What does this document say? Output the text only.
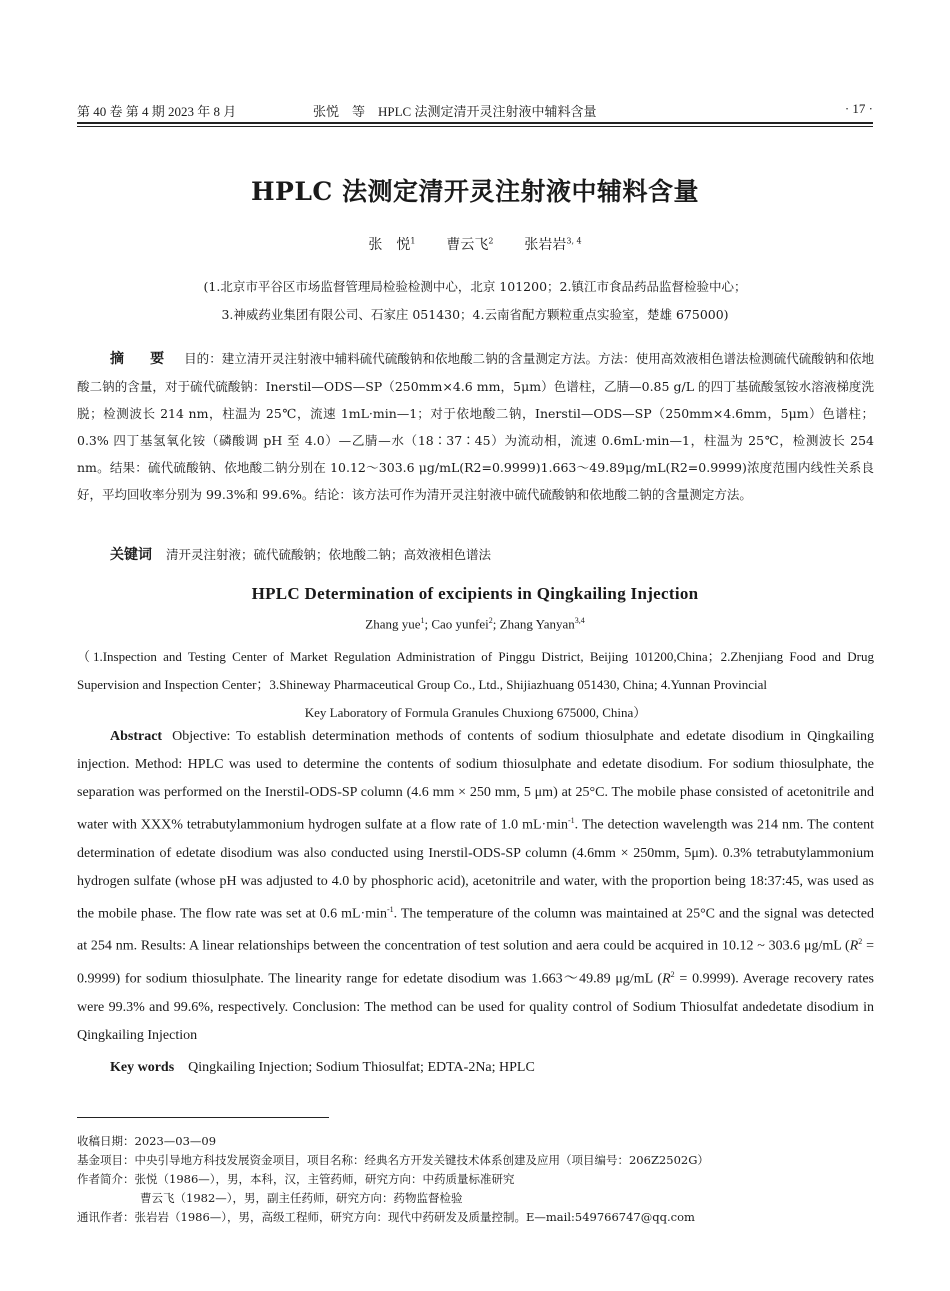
第 40 卷 第 4 期 2023 年 8 月	张悦　等　HPLC 法测定清开灵注射液中辅料含量	· 17 ·
HPLC 法测定清开灵注射液中辅料含量
张　悦$^1$ 曹云飞$^2$ 张岩岩$^{3, 4}$
(1.北京市平谷区市场监督管理局检验检测中心，北京 101200；2.镇江市食品药品监督检验中心；
3.神威药业集团有限公司、石家庄 051430；4.云南省配方颗粒重点实验室，楚雄 675000)
摘　要 目的：建立清开灵注射液中辅料硫代硫酸钠和依地酸二钠的含量测定方法。方法：使用高效液相色谱法检测硫代硫酸钠和依地酸二钠的含量，对于硫代硫酸钠：Inerstil—ODS—SP（250mm×4.6 mm，5μm）色谱柱，乙腈—0.85 g/L 的四丁基硫酸氢铵水溶液梯度洗脱；检测波长 214 nm，柱温为 25℃，流速 1mL·min—1；对于依地酸二钠，Inerstil—ODS—SP（250mm×4.6mm，5μm）色谱柱；0.3% 四丁基氢氧化铵（磷酸调 pH 至 4.0）—乙腈—水（18∶37∶45）为流动相，流速 0.6mL·min—1，柱温为 25℃，检测波长 254 nm。结果：硫代硫酸钠、依地酸二钠分别在 10.12～303.6 μg/mL(R2=0.9999)1.663～49.89μg/mL(R2=0.9999)浓度范围内线性关系良好，平均回收率分别为 99.3%和 99.6%。结论：该方法可作为清开灵注射液中硫代硫酸钠和依地酸二钠的含量测定方法。
关键词 清开灵注射液；硫代硫酸钠；依地酸二钠；高效液相色谱法
HPLC Determination of excipients in Qingkailing Injection
Zhang yue$^1$; Cao yunfei$^2$; Zhang Yanyan$^{3,4}$
（1.Inspection and Testing Center of Market Regulation Administration of Pinggu District, Beijing 101200,China；2.Zhenjiang Food and Drug Supervision and Inspection Center；3.Shineway Pharmaceutical Group Co., Ltd., Shijiazhuang 051430, China; 4.Yunnan Provincial
Key Laboratory of Formula Granules Chuxiong 675000, China）
Abstract Objective: To establish determination methods of contents of sodium thiosulphate and edetate disodium in Qingkailing injection. Method: HPLC was used to determine the contents of sodium thiosulphate and edetate disodium. For sodium thiosulphate, the separation was performed on the Inerstil-ODS-SP column (4.6 mm × 250 mm, 5 μm) at 25°C. The mobile phase consisted of acetonitrile and water with XXX% tetrabutylammonium hydrogen sulfate at a flow rate of 1.0 $mL\cdot\min^{-1}$. The detection wavelength was 214 nm. The content determination of edetate disodium was also conducted using Inerstil-ODS-SP column (4.6mm × 250mm, 5μm). 0.3% tetrabutylammonium hydrogen sulfate (whose pH was adjusted to 4.0 by phosphoric acid), acetonitrile and water, with the proportion being 18:37:45, was used as the mobile phase. The flow rate was set at 0.6 $mL\cdot\min^{-1}$. The temperature of the column was maintained at 25°C and the signal was detected at 254 nm. Results: A linear relationships between the concentration of test solution and aera could be acquired in 10.12 ~ 303.6 μg/mL $(R^2 = 0.9999)$ for sodium thiosulphate. The linearity range for edetate disodium was 1.663～49.89 μg/mL $(R^2 = 0.9999)$. Average recovery rates were 99.3% and 99.6%, respectively. Conclusion: The method can be used for quality control of Sodium Thiosulfat andedetate disodium in Qingkailing Injection
Key words Qingkailing Injection; Sodium Thiosulfat; EDTA-2Na; HPLC
收稿日期：2023—03—09
基金项目：中央引导地方科技发展资金项目，项目名称：经典名方开发关键技术体系创建及应用（项目编号：206Z2502G）
作者简介：张悦（1986—），男，本科，汉，主管药师，研究方向：中药质量标准研究
曹云飞（1982—），男，副主任药师，研究方向：药物监督检验
通讯作者：张岩岩（1986—），男，高级工程师，研究方向：现代中药研发及质量控制。E—mail:549766747@qq.com
